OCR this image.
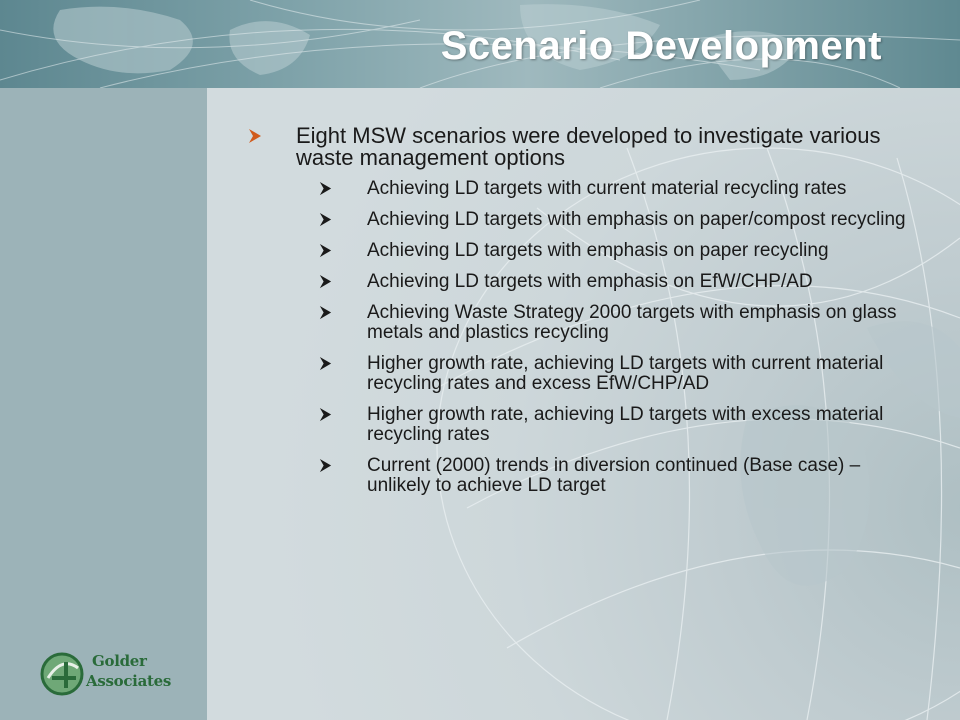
Scenario Development
Eight MSW scenarios were developed to investigate various waste management options
Achieving LD targets with current material recycling rates
Achieving LD targets with emphasis on paper/compost recycling
Achieving LD targets with emphasis on paper recycling
Achieving LD targets with emphasis on EfW/CHP/AD
Achieving Waste Strategy 2000 targets with emphasis on glass metals and plastics recycling
Higher growth rate, achieving LD targets with current material recycling rates and excess EfW/CHP/AD
Higher growth rate, achieving LD targets with excess material recycling rates
Current (2000) trends in diversion continued (Base case) – unlikely to achieve LD target
Golder
Associates
